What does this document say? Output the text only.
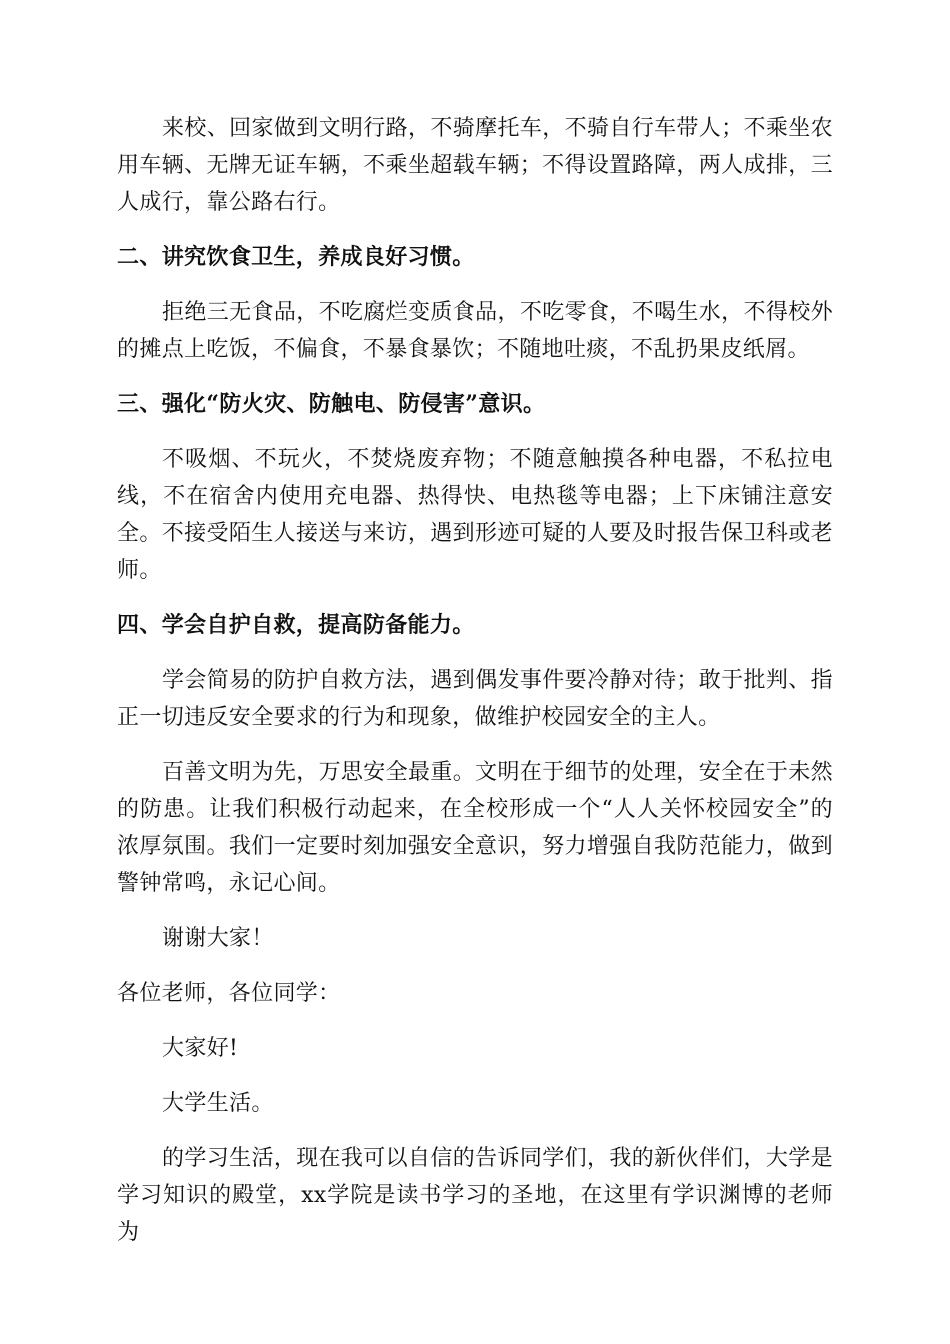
来校、回家做到文明行路，不骑摩托车，不骑自行车带人；不乘坐农用车辆、无牌无证车辆，不乘坐超载车辆；不得设置路障，两人成排，三人成行，靠公路右行。

二、讲究饮食卫生，养成良好习惯。

拒绝三无食品，不吃腐烂变质食品，不吃零食，不喝生水，不得校外的摊点上吃饭，不偏食，不暴食暴饮；不随地吐痰，不乱扔果皮纸屑。

三、强化“防火灾、防触电、防侵害”意识。

不吸烟、不玩火，不焚烧废弃物；不随意触摸各种电器，不私拉电线，不在宿舍内使用充电器、热得快、电热毯等电器；上下床铺注意安全。不接受陌生人接送与来访，遇到形迹可疑的人要及时报告保卫科或老师。

四、学会自护自救，提高防备能力。

学会简易的防护自救方法，遇到偶发事件要冷静对待；敢于批判、指正一切违反安全要求的行为和现象，做维护校园安全的主人。

百善文明为先，万思安全最重。文明在于细节的处理，安全在于未然的防患。让我们积极行动起来，在全校形成一个“人人关怀校园安全”的浓厚氛围。我们一定要时刻加强安全意识，努力增强自我防范能力，做到警钟常鸣，永记心间。

谢谢大家！

各位老师，各位同学：

大家好!

大学生活。

的学习生活，现在我可以自信的告诉同学们，我的新伙伴们，大学是学习知识的殿堂，xx学院是读书学习的圣地，在这里有学识渊博的老师为
